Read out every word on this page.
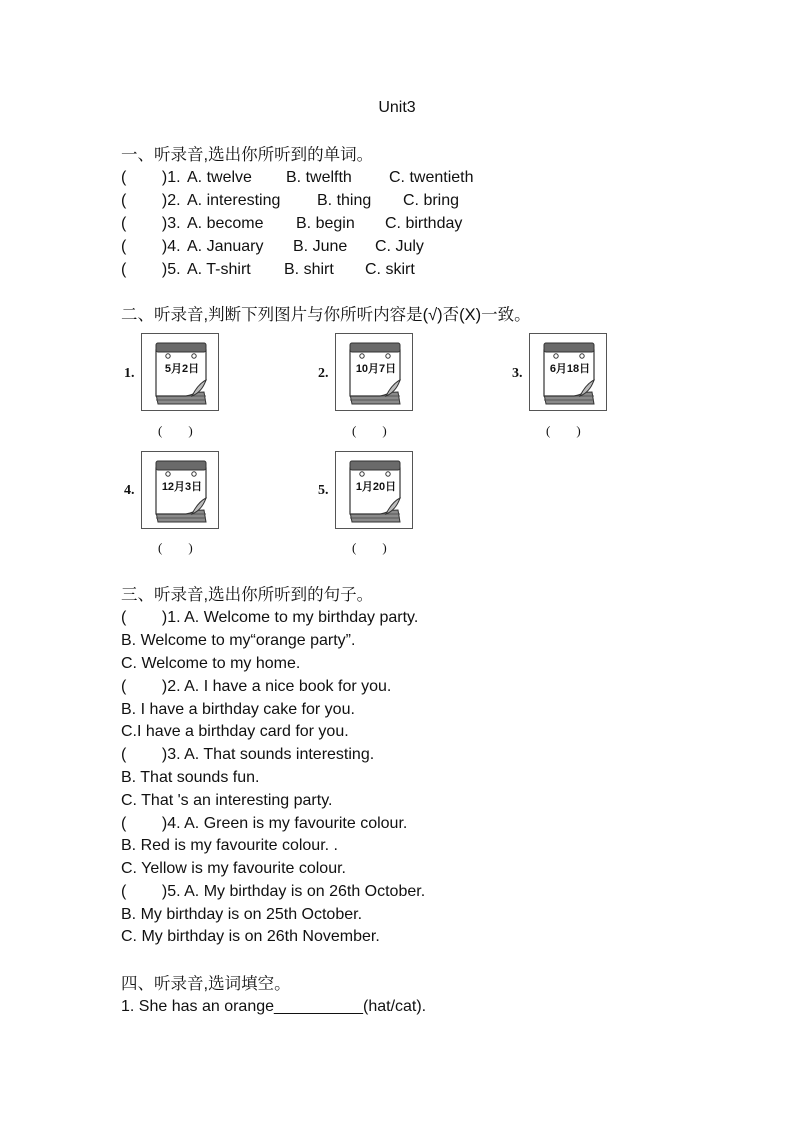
Unit3
一、听录音,选出你所听到的单词。
(        )1. A. twelve B. twelfth C. twentieth
(        )2. A. interesting B. thing C. bring
(        )3. A. become B. begin C. birthday
(        )4. A. January B. June C. July
(        )5. A. T-shirt B. shirt C. skirt
二、听录音,判断下列图片与你所听内容是(√)否(X)一致。
1.	5月2日
(        )
2.	10月7日
(        )
3.	6月18日
(        )
4.	12月3日
(        )
5.	1月20日
(        )
三、听录音,选出你所听到的句子。
(        )1. A. Welcome to my birthday party.
B. Welcome to my“orange party”.
C. Welcome to my home.
(        )2. A. I have a nice book for you.
B. I have a birthday cake for you.
C.I have a birthday card for you.
(        )3. A. That sounds interesting.
B. That sounds fun.
C. That 's an interesting party.
(        )4. A. Green is my favourite colour.
B. Red is my favourite colour. .
C. Yellow is my favourite colour.
(        )5. A. My birthday is on 26th October.
B. My birthday is on 25th October.
C. My birthday is on 26th November.
四、听录音,选词填空。
1. She has an orange__________(hat/cat).
